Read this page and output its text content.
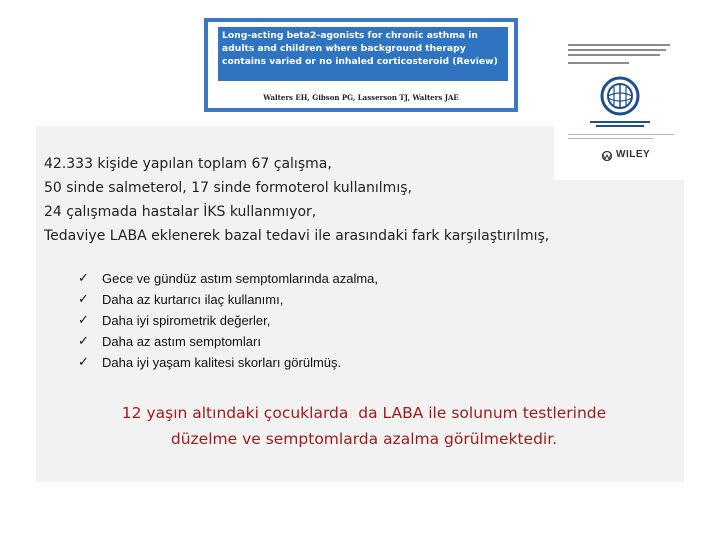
Long-acting beta2-agonists for chronic asthma in adults and children where background therapy contains varied or no inhaled corticosteroid (Review)
Walters EH, Gibson PG, Lasserson TJ, Walters JAE
WILEY
42.333 kişide yapılan toplam 67 çalışma,
50 sinde salmeterol, 17 sinde formoterol kullanılmış,
24 çalışmada hastalar İKS kullanmıyor,
Tedaviye LABA eklenerek bazal tedavi ile arasındaki fark karşılaştırılmış,
✓	Gece ve gündüz astım semptomlarında azalma,
✓	Daha az kurtarıcı ilaç kullanımı,
✓	Daha iyi spirometrik değerler,
✓	Daha az astım semptomları
✓	Daha iyi yaşam kalitesi skorları görülmüş.
12 yaşın altındaki çocuklarda  da LABA ile solunum testlerinde
düzelme ve semptomlarda azalma görülmektedir.
